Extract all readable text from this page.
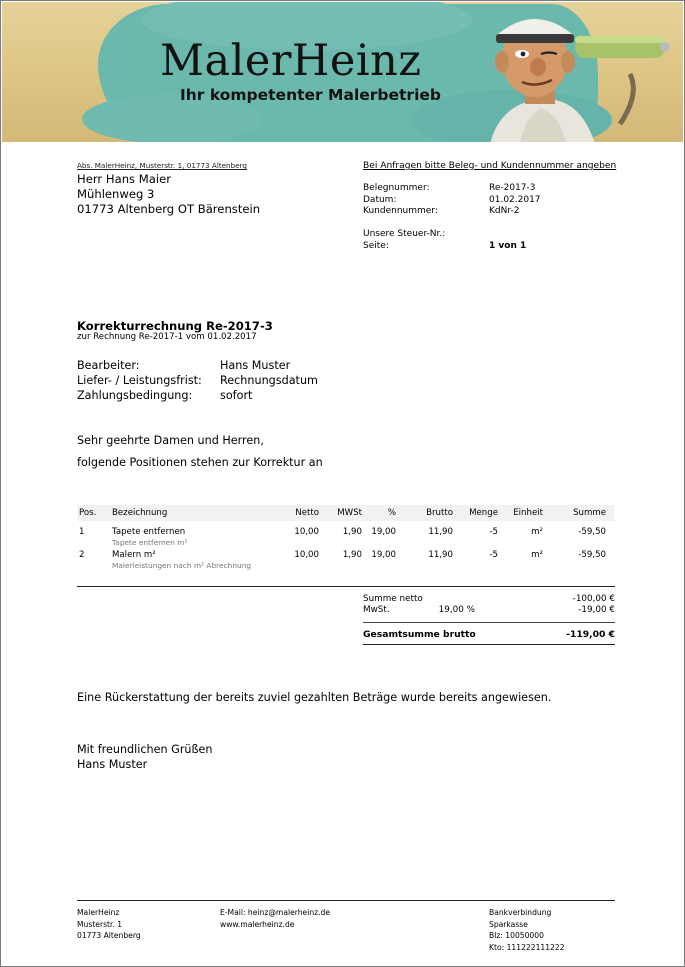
MalerHeinz

Ihr kompetenter Malerbetrieb

Abs. MalerHeinz, Musterstr. 1, 01773 Altenberg
Herr Hans Maier
Mühlenweg 3
01773 Altenberg OT Bärenstein
Bei Anfragen bitte Beleg- und Kundennummer angeben
Belegnummer:	Re-2017-3
Datum:	01.02.2017
Kundennummer:	KdNr-2
Unsere Steuer-Nr.:
Seite:	1 von 1
Korrekturrechnung Re-2017-3
zur Rechnung Re-2017-1 vom 01.02.2017
Bearbeiter:	Hans Muster
Liefer- / Leistungsfrist:	Rechnungsdatum
Zahlungsbedingung:	sofort
Sehr geehrte Damen und Herren,
folgende Positionen stehen zur Korrektur an
Pos.	Bezeichnung	Netto	MWSt	%	Brutto	Menge	Einheit	Summe
1	Tapete entfernen	10,00	1,90	19,00	11,90	-5	m²	-59,50
Tapete entfernen m²
2	Malern m²	10,00	1,90	19,00	11,90	-5	m²	-59,50
Malerleistungen nach m² Abrechnung
Summe netto	-100,00 €
MwSt.	19,00 %	-19,00 €
Gesamtsumme brutto	-119,00 €
Eine Rückerstattung der bereits zuviel gezahlten Beträge wurde bereits angewiesen.
Mit freundlichen Grüßen
Hans Muster
MalerHeinz
Musterstr. 1
01773 Altenberg
E-Mail: heinz@malerheinz.de
www.malerheinz.de
Bankverbindung
Sparkasse
Blz: 10050000
Kto: 111222111222
